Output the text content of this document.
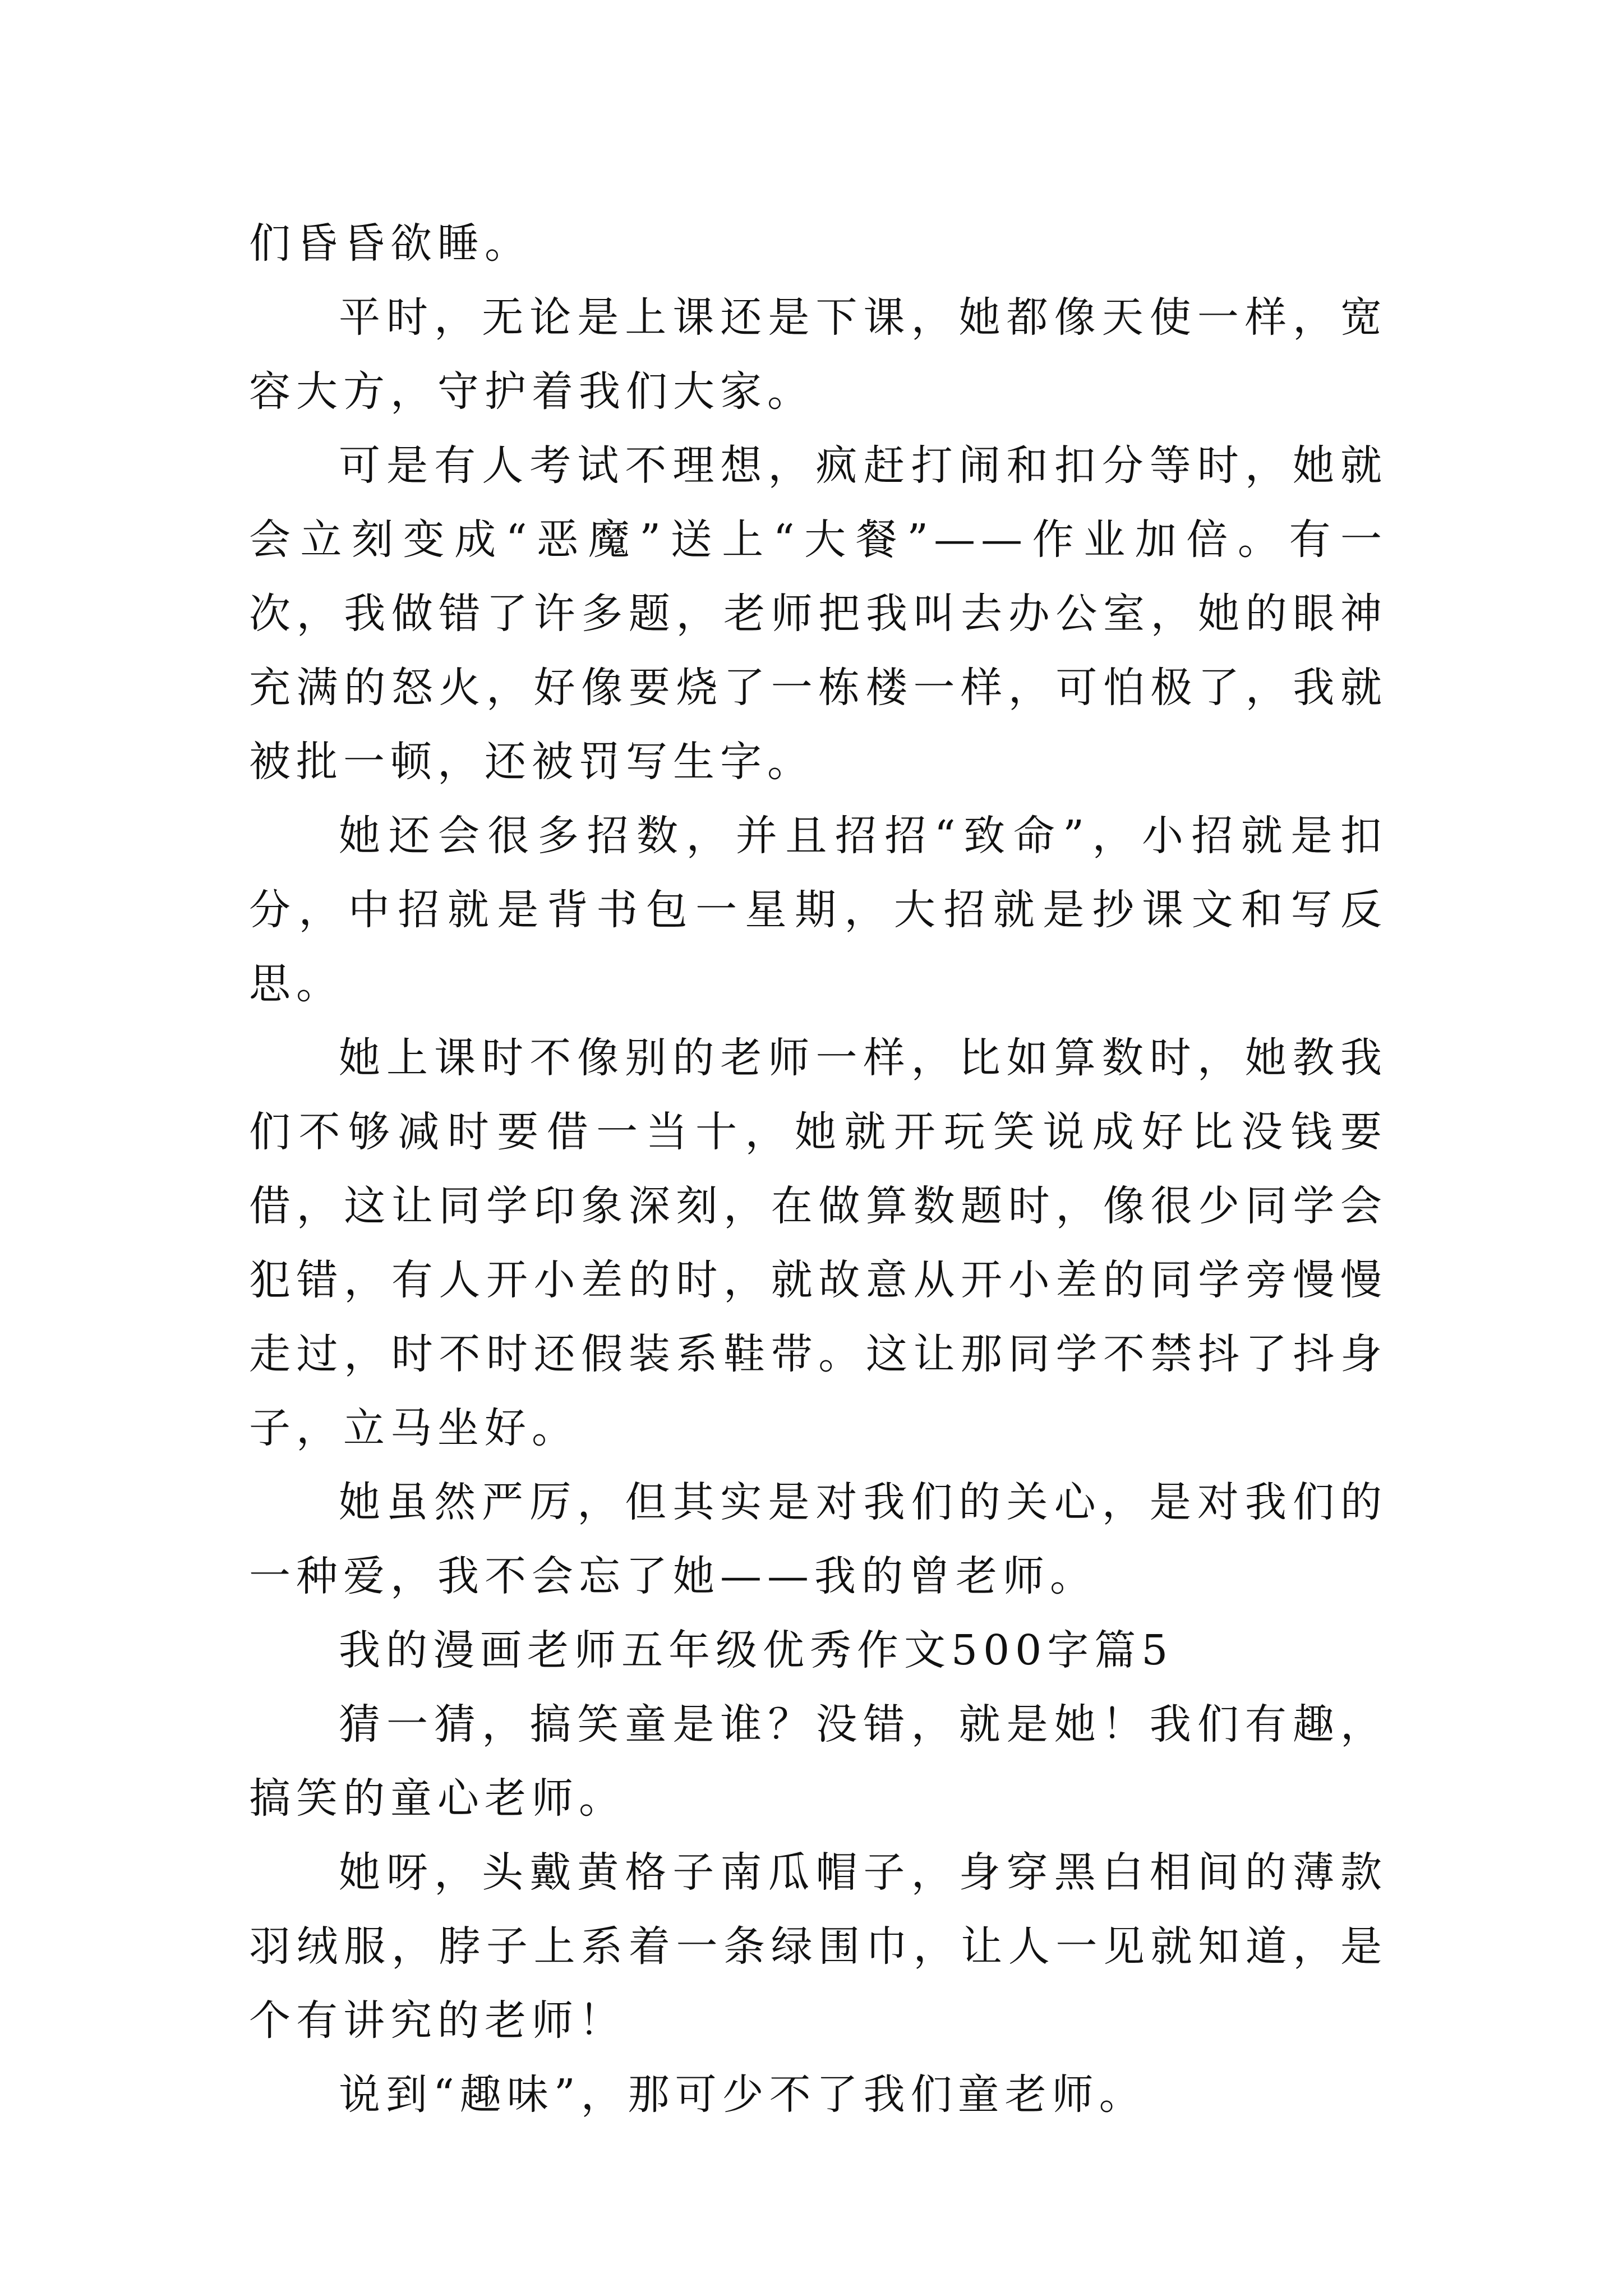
们昏昏欲睡。

平时，无论是上课还是下课，她都像天使一样，宽容大方，守护着我们大家。

可是有人考试不理想，疯赶打闹和扣分等时，她就会立刻变成“恶魔”送上“大餐”——作业加倍。有一次，我做错了许多题，老师把我叫去办公室，她的眼神充满的怒火，好像要烧了一栋楼一样，可怕极了，我就被批一顿，还被罚写生字。

她还会很多招数，并且招招“致命”，小招就是扣分，中招就是背书包一星期，大招就是抄课文和写反思。

她上课时不像别的老师一样，比如算数时，她教我们不够减时要借一当十，她就开玩笑说成好比没钱要借，这让同学印象深刻，在做算数题时，像很少同学会犯错，有人开小差的时，就故意从开小差的同学旁慢慢走过，时不时还假装系鞋带。这让那同学不禁抖了抖身子，立马坐好。

她虽然严厉，但其实是对我们的关心，是对我们的一种爱，我不会忘了她——我的曾老师。

我的漫画老师五年级优秀作文500字篇5

猜一猜，搞笑童是谁？没错，就是她！我们有趣，搞笑的童心老师。

她呀，头戴黄格子南瓜帽子，身穿黑白相间的薄款羽绒服，脖子上系着一条绿围巾，让人一见就知道，是个有讲究的老师！

说到“趣味”，那可少不了我们童老师。
